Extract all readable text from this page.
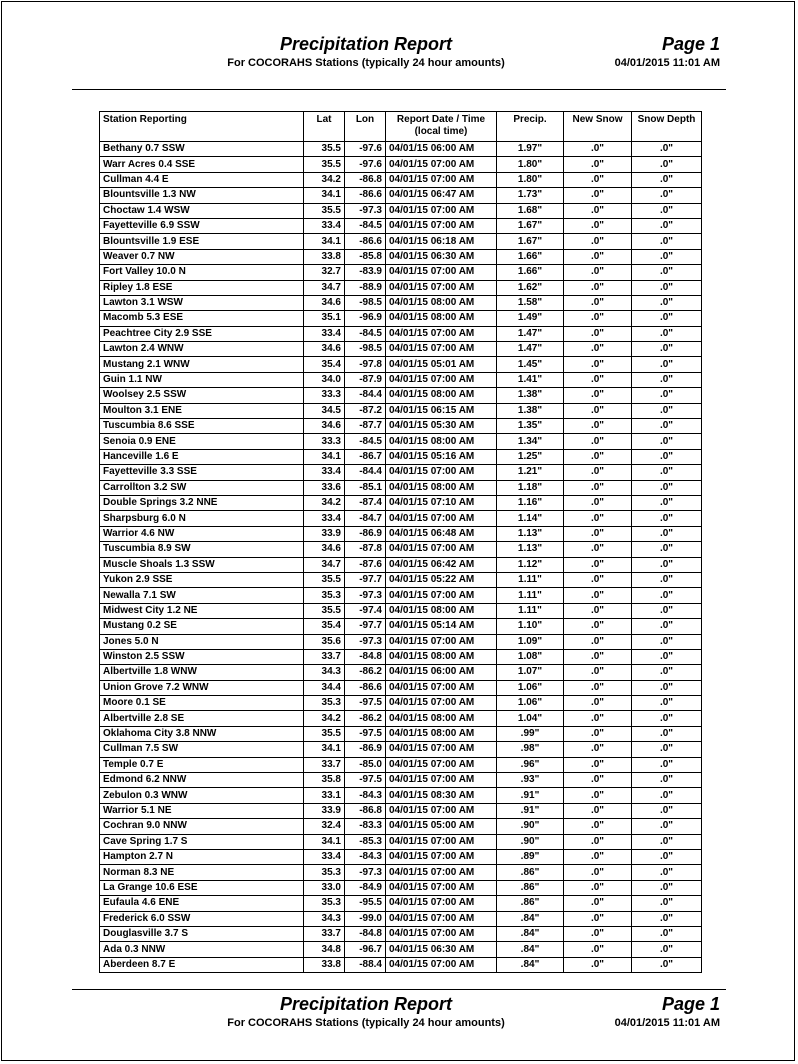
Precipitation Report
For COCORAHS Stations (typically 24 hour amounts)
Page 1
04/01/2015 11:01 AM
Station Reporting	Lat	Lon	Report Date / Time (local time)	Precip.	New Snow	Snow Depth
Bethany 0.7 SSW	35.5	-97.6	04/01/15 06:00 AM	1.97"	.0"	.0"
Warr Acres 0.4 SSE	35.5	-97.6	04/01/15 07:00 AM	1.80"	.0"	.0"
Cullman 4.4 E	34.2	-86.8	04/01/15 07:00 AM	1.80"	.0"	.0"
Blountsville 1.3 NW	34.1	-86.6	04/01/15 06:47 AM	1.73"	.0"	.0"
Choctaw 1.4 WSW	35.5	-97.3	04/01/15 07:00 AM	1.68"	.0"	.0"
Fayetteville 6.9 SSW	33.4	-84.5	04/01/15 07:00 AM	1.67"	.0"	.0"
Blountsville 1.9 ESE	34.1	-86.6	04/01/15 06:18 AM	1.67"	.0"	.0"
Weaver 0.7 NW	33.8	-85.8	04/01/15 06:30 AM	1.66"	.0"	.0"
Fort Valley 10.0 N	32.7	-83.9	04/01/15 07:00 AM	1.66"	.0"	.0"
Ripley 1.8 ESE	34.7	-88.9	04/01/15 07:00 AM	1.62"	.0"	.0"
Lawton 3.1 WSW	34.6	-98.5	04/01/15 08:00 AM	1.58"	.0"	.0"
Macomb 5.3 ESE	35.1	-96.9	04/01/15 08:00 AM	1.49"	.0"	.0"
Peachtree City 2.9 SSE	33.4	-84.5	04/01/15 07:00 AM	1.47"	.0"	.0"
Lawton 2.4 WNW	34.6	-98.5	04/01/15 07:00 AM	1.47"	.0"	.0"
Mustang 2.1 WNW	35.4	-97.8	04/01/15 05:01 AM	1.45"	.0"	.0"
Guin 1.1 NW	34.0	-87.9	04/01/15 07:00 AM	1.41"	.0"	.0"
Woolsey 2.5 SSW	33.3	-84.4	04/01/15 08:00 AM	1.38"	.0"	.0"
Moulton 3.1 ENE	34.5	-87.2	04/01/15 06:15 AM	1.38"	.0"	.0"
Tuscumbia 8.6 SSE	34.6	-87.7	04/01/15 05:30 AM	1.35"	.0"	.0"
Senoia 0.9 ENE	33.3	-84.5	04/01/15 08:00 AM	1.34"	.0"	.0"
Hanceville 1.6 E	34.1	-86.7	04/01/15 05:16 AM	1.25"	.0"	.0"
Fayetteville 3.3 SSE	33.4	-84.4	04/01/15 07:00 AM	1.21"	.0"	.0"
Carrollton 3.2 SW	33.6	-85.1	04/01/15 08:00 AM	1.18"	.0"	.0"
Double Springs 3.2 NNE	34.2	-87.4	04/01/15 07:10 AM	1.16"	.0"	.0"
Sharpsburg 6.0 N	33.4	-84.7	04/01/15 07:00 AM	1.14"	.0"	.0"
Warrior 4.6 NW	33.9	-86.9	04/01/15 06:48 AM	1.13"	.0"	.0"
Tuscumbia 8.9 SW	34.6	-87.8	04/01/15 07:00 AM	1.13"	.0"	.0"
Muscle Shoals 1.3 SSW	34.7	-87.6	04/01/15 06:42 AM	1.12"	.0"	.0"
Yukon 2.9 SSE	35.5	-97.7	04/01/15 05:22 AM	1.11"	.0"	.0"
Newalla 7.1 SW	35.3	-97.3	04/01/15 07:00 AM	1.11"	.0"	.0"
Midwest City 1.2 NE	35.5	-97.4	04/01/15 08:00 AM	1.11"	.0"	.0"
Mustang 0.2 SE	35.4	-97.7	04/01/15 05:14 AM	1.10"	.0"	.0"
Jones 5.0 N	35.6	-97.3	04/01/15 07:00 AM	1.09"	.0"	.0"
Winston 2.5 SSW	33.7	-84.8	04/01/15 08:00 AM	1.08"	.0"	.0"
Albertville 1.8 WNW	34.3	-86.2	04/01/15 06:00 AM	1.07"	.0"	.0"
Union Grove 7.2 WNW	34.4	-86.6	04/01/15 07:00 AM	1.06"	.0"	.0"
Moore 0.1 SE	35.3	-97.5	04/01/15 07:00 AM	1.06"	.0"	.0"
Albertville 2.8 SE	34.2	-86.2	04/01/15 08:00 AM	1.04"	.0"	.0"
Oklahoma City 3.8 NNW	35.5	-97.5	04/01/15 08:00 AM	.99"	.0"	.0"
Cullman 7.5 SW	34.1	-86.9	04/01/15 07:00 AM	.98"	.0"	.0"
Temple 0.7 E	33.7	-85.0	04/01/15 07:00 AM	.96"	.0"	.0"
Edmond 6.2 NNW	35.8	-97.5	04/01/15 07:00 AM	.93"	.0"	.0"
Zebulon 0.3 WNW	33.1	-84.3	04/01/15 08:30 AM	.91"	.0"	.0"
Warrior 5.1 NE	33.9	-86.8	04/01/15 07:00 AM	.91"	.0"	.0"
Cochran 9.0 NNW	32.4	-83.3	04/01/15 05:00 AM	.90"	.0"	.0"
Cave Spring 1.7 S	34.1	-85.3	04/01/15 07:00 AM	.90"	.0"	.0"
Hampton 2.7 N	33.4	-84.3	04/01/15 07:00 AM	.89"	.0"	.0"
Norman 8.3 NE	35.3	-97.3	04/01/15 07:00 AM	.86"	.0"	.0"
La Grange 10.6 ESE	33.0	-84.9	04/01/15 07:00 AM	.86"	.0"	.0"
Eufaula 4.6 ENE	35.3	-95.5	04/01/15 07:00 AM	.86"	.0"	.0"
Frederick 6.0 SSW	34.3	-99.0	04/01/15 07:00 AM	.84"	.0"	.0"
Douglasville 3.7 S	33.7	-84.8	04/01/15 07:00 AM	.84"	.0"	.0"
Ada 0.3 NNW	34.8	-96.7	04/01/15 06:30 AM	.84"	.0"	.0"
Aberdeen 8.7 E	33.8	-88.4	04/01/15 07:00 AM	.84"	.0"	.0"
Precipitation Report
For COCORAHS Stations (typically 24 hour amounts)
Page 1
04/01/2015 11:01 AM
